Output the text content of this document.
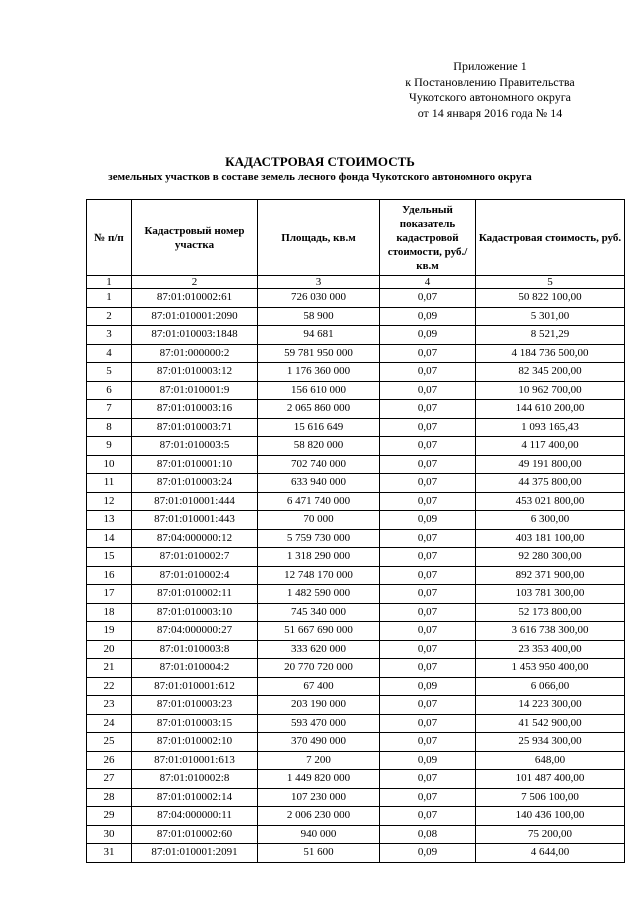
Приложение 1
к Постановлению Правительства
Чукотского автономного округа
от 14 января 2016 года № 14
КАДАСТРОВАЯ СТОИМОСТЬ
земельных участков в составе земель лесного фонда Чукотского автономного округа
№ п/п	Кадастровый номер участка	Площадь, кв.м	Удельный показатель кадастровой стоимости, руб./кв.м	Кадастровая стоимость, руб.
1	2	3	4	5
1	87:01:010002:61	726 030 000	0,07	50 822 100,00
2	87:01:010001:2090	58 900	0,09	5 301,00
3	87:01:010003:1848	94 681	0,09	8 521,29
4	87:01:000000:2	59 781 950 000	0,07	4 184 736 500,00
5	87:01:010003:12	1 176 360 000	0,07	82 345 200,00
6	87:01:010001:9	156 610 000	0,07	10 962 700,00
7	87:01:010003:16	2 065 860 000	0,07	144 610 200,00
8	87:01:010003:71	15 616 649	0,07	1 093 165,43
9	87:01:010003:5	58 820 000	0,07	4 117 400,00
10	87:01:010001:10	702 740 000	0,07	49 191 800,00
11	87:01:010003:24	633 940 000	0,07	44 375 800,00
12	87:01:010001:444	6 471 740 000	0,07	453 021 800,00
13	87:01:010001:443	70 000	0,09	6 300,00
14	87:04:000000:12	5 759 730 000	0,07	403 181 100,00
15	87:01:010002:7	1 318 290 000	0,07	92 280 300,00
16	87:01:010002:4	12 748 170 000	0,07	892 371 900,00
17	87:01:010002:11	1 482 590 000	0,07	103 781 300,00
18	87:01:010003:10	745 340 000	0,07	52 173 800,00
19	87:04:000000:27	51 667 690 000	0,07	3 616 738 300,00
20	87:01:010003:8	333 620 000	0,07	23 353 400,00
21	87:01:010004:2	20 770 720 000	0,07	1 453 950 400,00
22	87:01:010001:612	67 400	0,09	6 066,00
23	87:01:010003:23	203 190 000	0,07	14 223 300,00
24	87:01:010003:15	593 470 000	0,07	41 542 900,00
25	87:01:010002:10	370 490 000	0,07	25 934 300,00
26	87:01:010001:613	7 200	0,09	648,00
27	87:01:010002:8	1 449 820 000	0,07	101 487 400,00
28	87:01:010002:14	107 230 000	0,07	7 506 100,00
29	87:04:000000:11	2 006 230 000	0,07	140 436 100,00
30	87:01:010002:60	940 000	0,08	75 200,00
31	87:01:010001:2091	51 600	0,09	4 644,00
